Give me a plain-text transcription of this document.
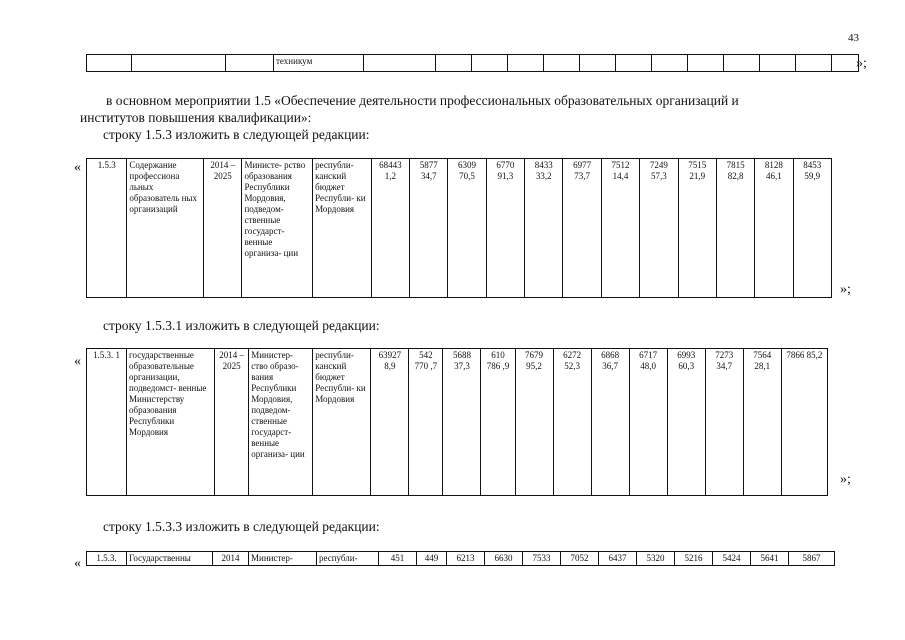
43
			техникум														»;
в основном мероприятии 1.5 «Обеспечение деятельности профессиональных образовательных организаций и
институтов повышения квалификации»:
строку 1.5.3 изложить в следующей редакции:
« 1.5.3	Содержание профессиона льных образователь ных организаций	2014 – 2025	Министе- рство образования Республики Мордовия, подведом- ственные государст- венные организа- ции	республи- канский бюджет Республи- ки Мордовия	68443 1,2	5877 34,7	6309 70,5	6770 91,3	8433 33,2	6977 73,7	7512 14,4	7249 57,3	7515 21,9	7815 82,8	8128 46,1	8453 59,9
»;
строку 1.5.3.1 изложить в следующей редакции:
« 1.5.3. 1	государственные образовательные организации, подведомст- венные Министерству образования Республики Мордовия	2014 – 2025	Министер- ство образо- вания Республики Мордовия, подведом- ственные государст- венные организа- ции	республи- канский бюджет Республи- ки Мордовия	63927 8,9	542 770 ,7	5688 37,3	610 786 ,9	7679 95,2	6272 52,3	6868 36,7	6717 48,0	6993 60,3	7273 34,7	7564 28,1	7866 85,2
»;
строку 1.5.3.3 изложить в следующей редакции:
« 1.5.3.	Государственны	2014	Министер-	республи-	451	449	6213	6630	7533	7052	6437	5320	5216	5424	5641	5867
